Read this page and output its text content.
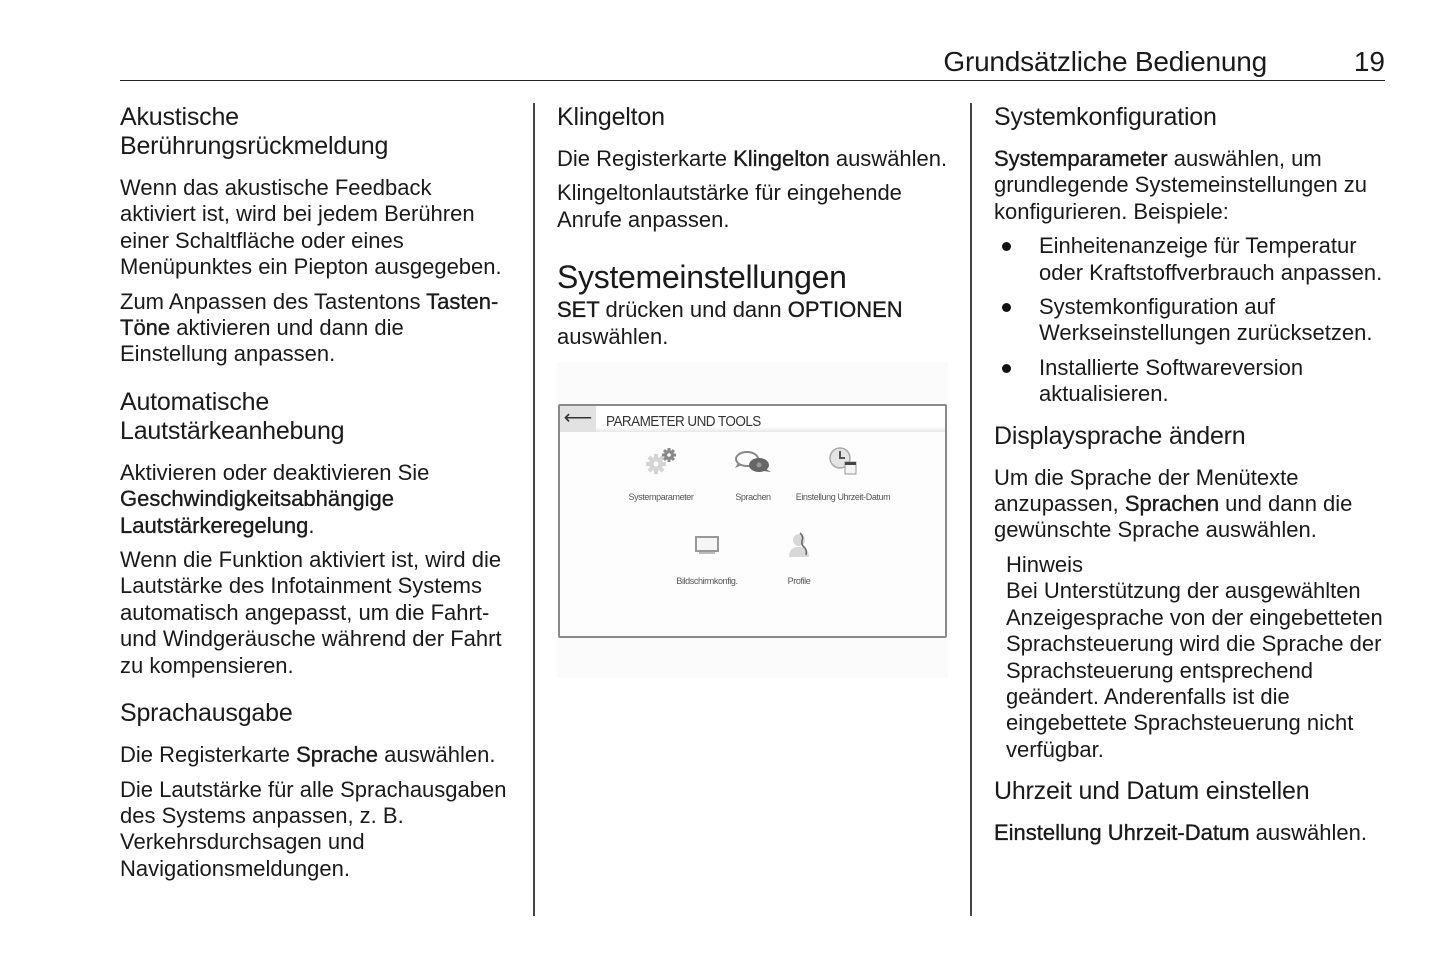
Grundsätzliche Bedienung	19
Akustische
Berührungsrückmeldung

Wenn das akustische Feedback aktiviert ist, wird bei jedem Berühren einer Schaltfläche oder eines Menüpunktes ein Piepton ausgegeben.

Zum Anpassen des Tastentons Tasten-Töne aktivieren und dann die Einstellung anpassen.

Automatische
Lautstärkeanhebung

Aktivieren oder deaktivieren Sie Geschwindigkeitsabhängige Lautstärkeregelung.

Wenn die Funktion aktiviert ist, wird die Lautstärke des Infotainment Systems automatisch angepasst, um die Fahrt- und Windgeräusche während der Fahrt zu kompensieren.

Sprachausgabe

Die Registerkarte Sprache auswählen.

Die Lautstärke für alle Sprachausgaben des Systems anpassen, z. B. Verkehrsdurchsagen und Navigationsmeldungen.

Klingelton

Die Registerkarte Klingelton auswählen.

Klingeltonlautstärke für eingehende Anrufe anpassen.

Systemeinstellungen

SET drücken und dann OPTIONEN auswählen.

⟵ PARAMETER UND TOOLS
Systemparameter	Sprachen	Einstellung Uhrzeit-Datum
Bildschirmkonfig.	Profile
Systemkonfiguration

Systemparameter auswählen, um grundlegende Systemeinstellungen zu konfigurieren. Beispiele:

Einheitenanzeige für Temperatur oder Kraftstoffverbrauch anpassen.
Systemkonfiguration auf Werkseinstellungen zurücksetzen.
Installierte Softwareversion aktualisieren.
Displaysprache ändern

Um die Sprache der Menütexte anzupassen, Sprachen und dann die gewünschte Sprache auswählen.

Hinweis
Bei Unterstützung der ausgewählten Anzeigesprache von der eingebetteten Sprachsteuerung wird die Sprache der Sprachsteuerung entsprechend geändert. Anderenfalls ist die eingebettete Sprachsteuerung nicht verfügbar.
Uhrzeit und Datum einstellen

Einstellung Uhrzeit-Datum auswählen.
